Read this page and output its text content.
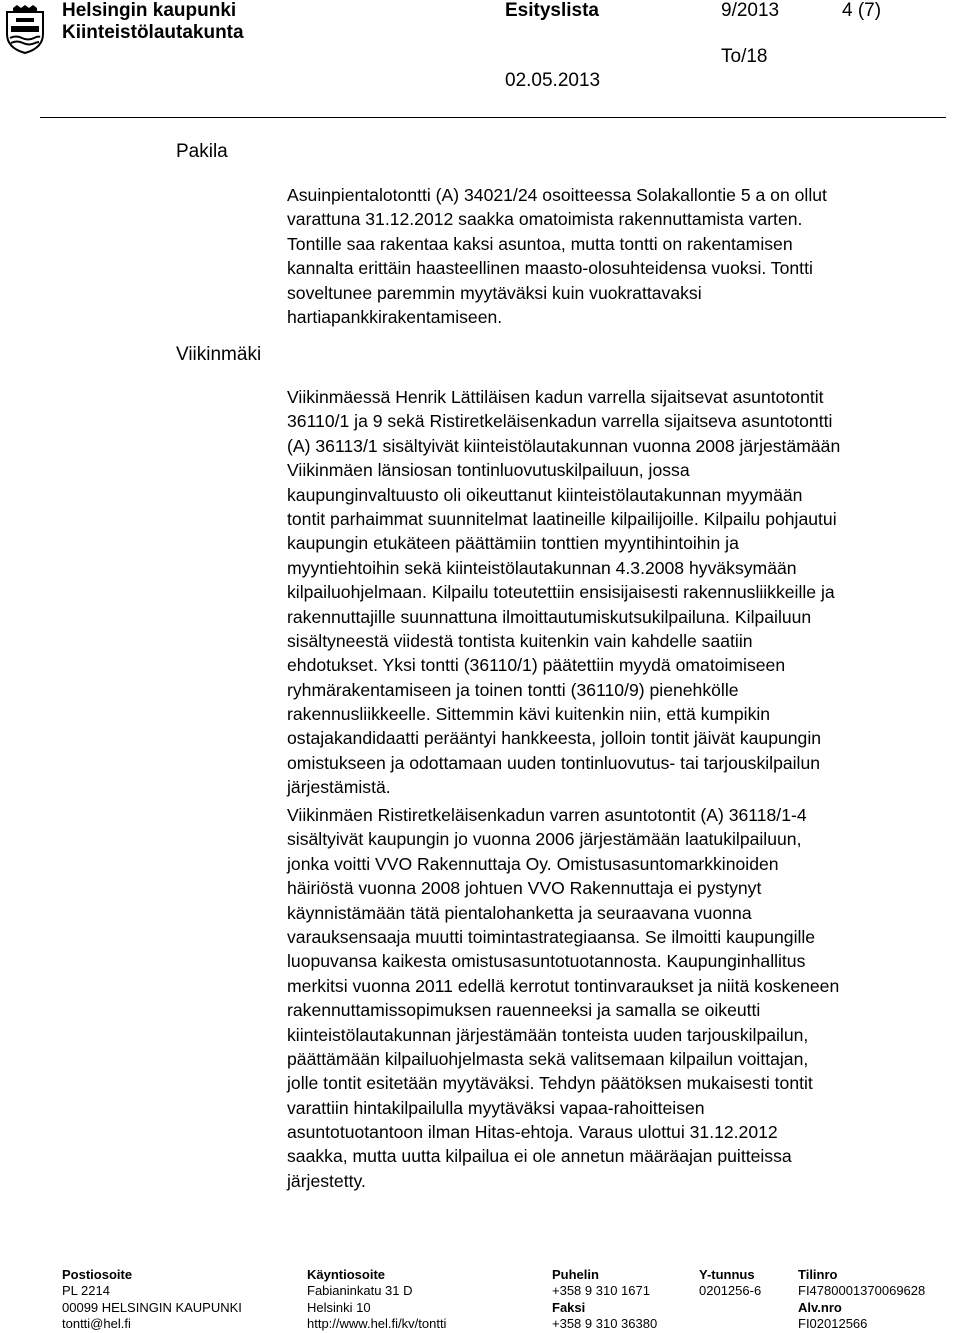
Helsingin kaupunki
Kiinteistölautakunta
Esityslista	9/2013	4 (7)
To/18
02.05.2013
Pakila
Viikinmäki
Asuinpientalotontti (A) 34021/24 osoitteessa Solakallontie 5 a on ollut
varattuna 31.12.2012 saakka omatoimista rakennuttamista varten.
Tontille saa rakentaa kaksi asuntoa, mutta tontti on rakentamisen
kannalta erittäin haasteellinen maasto-olosuhteidensa vuoksi. Tontti
soveltunee paremmin myytäväksi kuin vuokrattavaksi
hartiapankkirakentamiseen.
Viikinmäessä Henrik Lättiläisen kadun varrella sijaitsevat asuntotontit
36110/1 ja 9 sekä Ristiretkeläisenkadun varrella sijaitseva asuntotontti
(A) 36113/1 sisältyivät kiinteistölautakunnan vuonna 2008 järjestämään
Viikinmäen länsiosan tontinluovutuskilpailuun, jossa
kaupunginvaltuusto oli oikeuttanut kiinteistölautakunnan myymään
tontit parhaimmat suunnitelmat laatineille kilpailijoille. Kilpailu pohjautui
kaupungin etukäteen päättämiin tonttien myyntihintoihin ja
myyntiehtoihin sekä kiinteistölautakunnan 4.3.2008 hyväksymään
kilpailuohjelmaan. Kilpailu toteutettiin ensisijaisesti rakennusliikkeille ja
rakennuttajille suunnattuna ilmoittautumiskutsukilpailuna. Kilpailuun
sisältyneestä viidestä tontista kuitenkin vain kahdelle saatiin
ehdotukset. Yksi tontti (36110/1) päätettiin myydä omatoimiseen
ryhmärakentamiseen ja toinen tontti (36110/9) pienehkölle
rakennusliikkeelle. Sittemmin kävi kuitenkin niin, että kumpikin
ostajakandidaatti perääntyi hankkeesta, jolloin tontit jäivät kaupungin
omistukseen ja odottamaan uuden tontinluovutus- tai tarjouskilpailun
järjestämistä.
Viikinmäen Ristiretkeläisenkadun varren asuntotontit (A) 36118/1-4
sisältyivät kaupungin jo vuonna 2006 järjestämään laatukilpailuun,
jonka voitti VVO Rakennuttaja Oy. Omistusasuntomarkkinoiden
häiriöstä vuonna 2008 johtuen VVO Rakennuttaja ei pystynyt
käynnistämään tätä pientalohanketta ja seuraavana vuonna
varauksensaaja muutti toimintastrategiaansa. Se ilmoitti kaupungille
luopuvansa kaikesta omistusasuntotuotannosta. Kaupunginhallitus
merkitsi vuonna 2011 edellä kerrotut tontinvaraukset ja niitä koskeneen
rakennuttamissopimuksen rauenneeksi ja samalla se oikeutti
kiinteistölautakunnan järjestämään tonteista uuden tarjouskilpailun,
päättämään kilpailuohjelmasta sekä valitsemaan kilpailun voittajan,
jolle tontit esitetään myytäväksi. Tehdyn päätöksen mukaisesti tontit
varattiin hintakilpailulla myytäväksi vapaa-rahoitteisen
asuntotuotantoon ilman Hitas-ehtoja. Varaus ulottui 31.12.2012
saakka, mutta uutta kilpailua ei ole annetun määräajan puitteissa
järjestetty.
Postiosoite
PL 2214
00099 HELSINGIN KAUPUNKI
tontti@hel.fi
Käyntiosoite
Fabianinkatu 31 D
Helsinki 10
http://www.hel.fi/kv/tontti
Puhelin
+358 9 310 1671
Faksi
+358 9 310 36380
Y-tunnus
0201256-6
Tilinro
FI4780001370069628
Alv.nro
FI02012566
